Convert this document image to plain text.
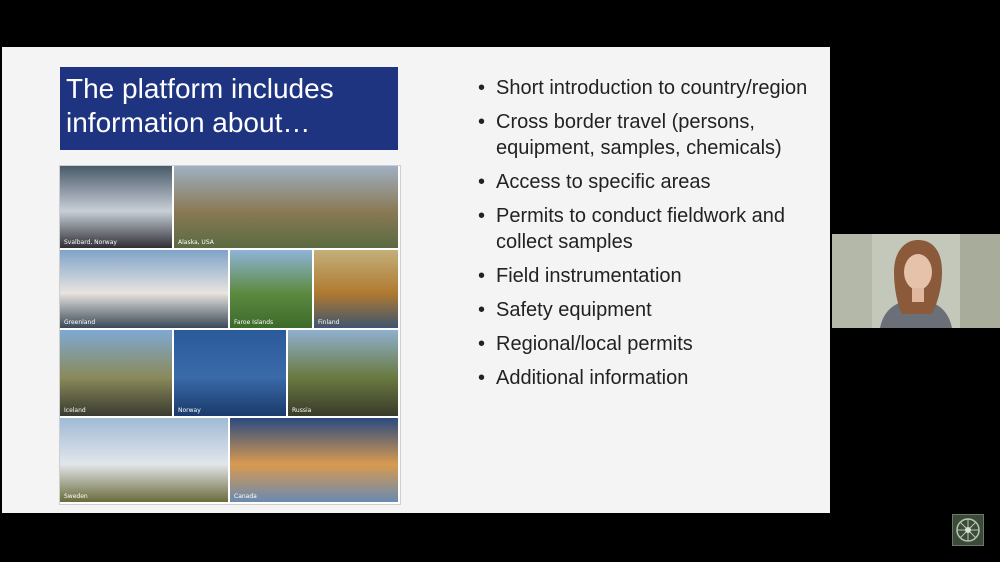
The platform includes
information about…
Svalbard, Norway	Alaska, USA
Greenland	Faroe Islands	Finland
Iceland	Norway	Russia
Sweden	Canada
• Short introduction to country/region
• Cross border travel (persons, equipment, samples, chemicals)
• Access to specific areas
• Permits to conduct fieldwork and collect samples
• Field instrumentation
• Safety equipment
• Regional/local permits
• Additional information
